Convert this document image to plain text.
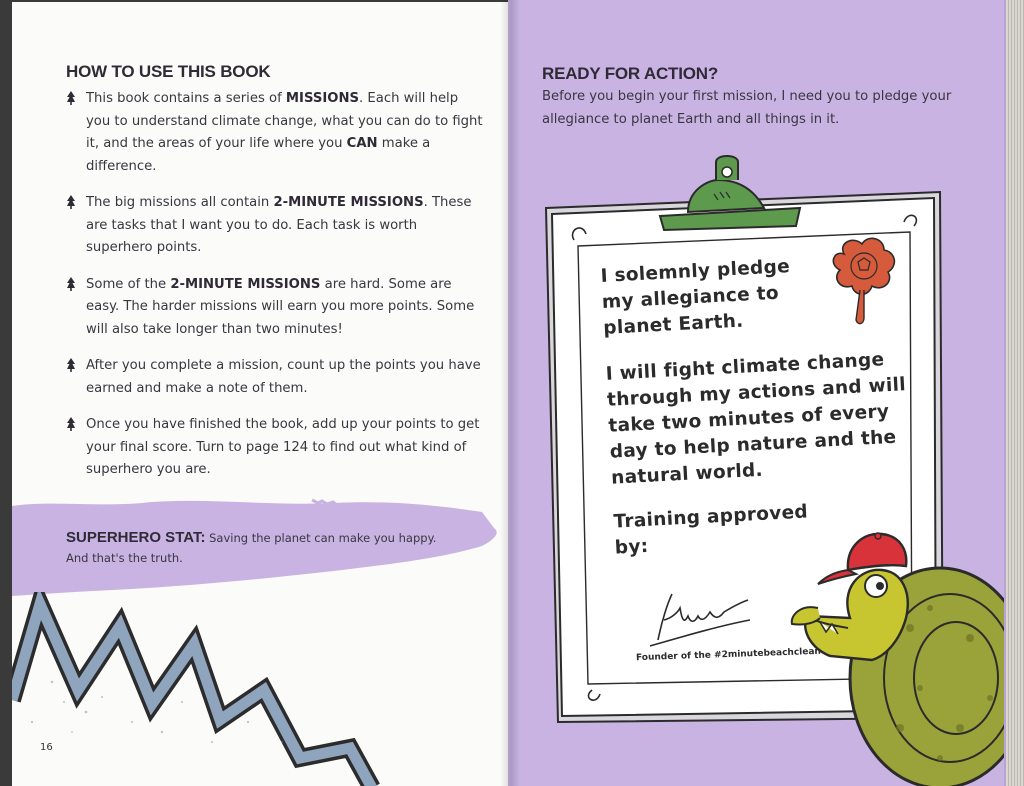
HOW TO USE THIS BOOK
This book contains a series of MISSIONS. Each will help you to understand climate change, what you can do to fight it, and the areas of your life where you CAN make a difference.
The big missions all contain 2-MINUTE MISSIONS. These are tasks that I want you to do. Each task is worth superhero points.
Some of the 2-MINUTE MISSIONS are hard. Some are easy. The harder missions will earn you more points. Some will also take longer than two minutes!
After you complete a mission, count up the points you have earned and make a note of them.
Once you have finished the book, add up your points to get your final score. Turn to page 124 to find out what kind of superhero you are.
SUPERHERO STAT: Saving the planet can make you happy. And that's the truth.
16
READY FOR ACTION?
Before you begin your first mission, I need you to pledge your allegiance to planet Earth and all things in it.
I solemnly pledge
my allegiance to
planet Earth.
I will fight climate change
through my actions and will
take two minutes of every
day to help nature and the
natural world.
Training approved
by:
Founder of the #2minutebeachclean
